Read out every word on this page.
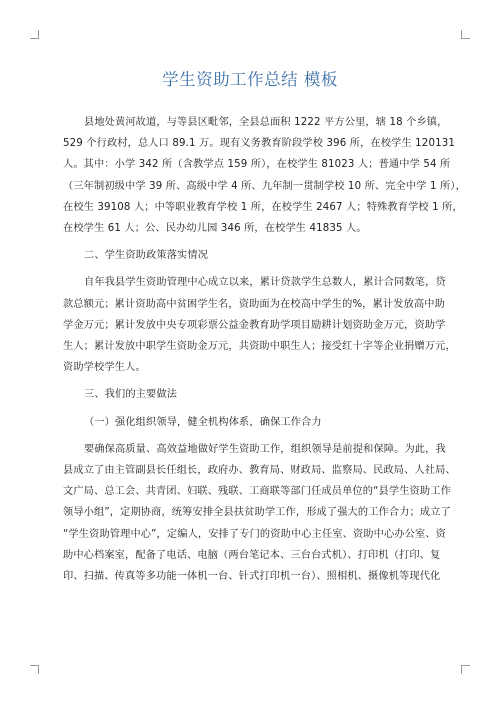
学生资助工作总结 模板

县地处黄河故道，与等县区毗邻，全县总面积 1222 平方公里，辖 18 个乡镇，

529 个行政村，总人口 89.1 万。现有义务教育阶段学校 396 所，在校学生 120131

人。其中：小学 342 所（含教学点 159 所），在校学生 81023 人；普通中学 54 所

（三年制初级中学 39 所、高级中学 4 所、九年制一贯制学校 10 所、完全中学 1 所），

在校生 39108 人；中等职业教育学校 1 所，在校学生 2467 人；特殊教育学校 1 所，

在校学生 61 人；公、民办幼儿园 346 所，在校学生 41835 人。

二、学生资助政策落实情况

自年我县学生资助管理中心成立以来，累计贷款学生总数人，累计合同数笔，贷

款总额元；累计资助高中贫困学生名，资助面为在校高中学生的%，累计发放高中助

学金万元；累计发放中央专项彩票公益金教育助学项目励耕计划资助金万元，资助学

生人；累计发放中职学生资助金万元，共资助中职生人；接受红十字等企业捐赠万元，

资助学校学生人。

三、我们的主要做法

（一）强化组织领导，健全机构体系，确保工作合力

要确保高质量、高效益地做好学生资助工作，组织领导是前提和保障。为此，我

县成立了由主管副县长任组长，政府办、教育局、财政局、监察局、民政局、人社局、

文广局、总工会、共青团、妇联、残联、工商联等部门任成员单位的“县学生资助工作

领导小组”，定期协商，统筹安排全县扶贫助学工作，形成了强大的工作合力；成立了

“学生资助管理中心”，定编人，安排了专门的资助中心主任室、资助中心办公室、资

助中心档案室，配备了电话、电脑（两台笔记本、三台台式机）、打印机（打印、复

印、扫描、传真等多功能一体机一台、针式打印机一台）、照相机、摄像机等现代化
